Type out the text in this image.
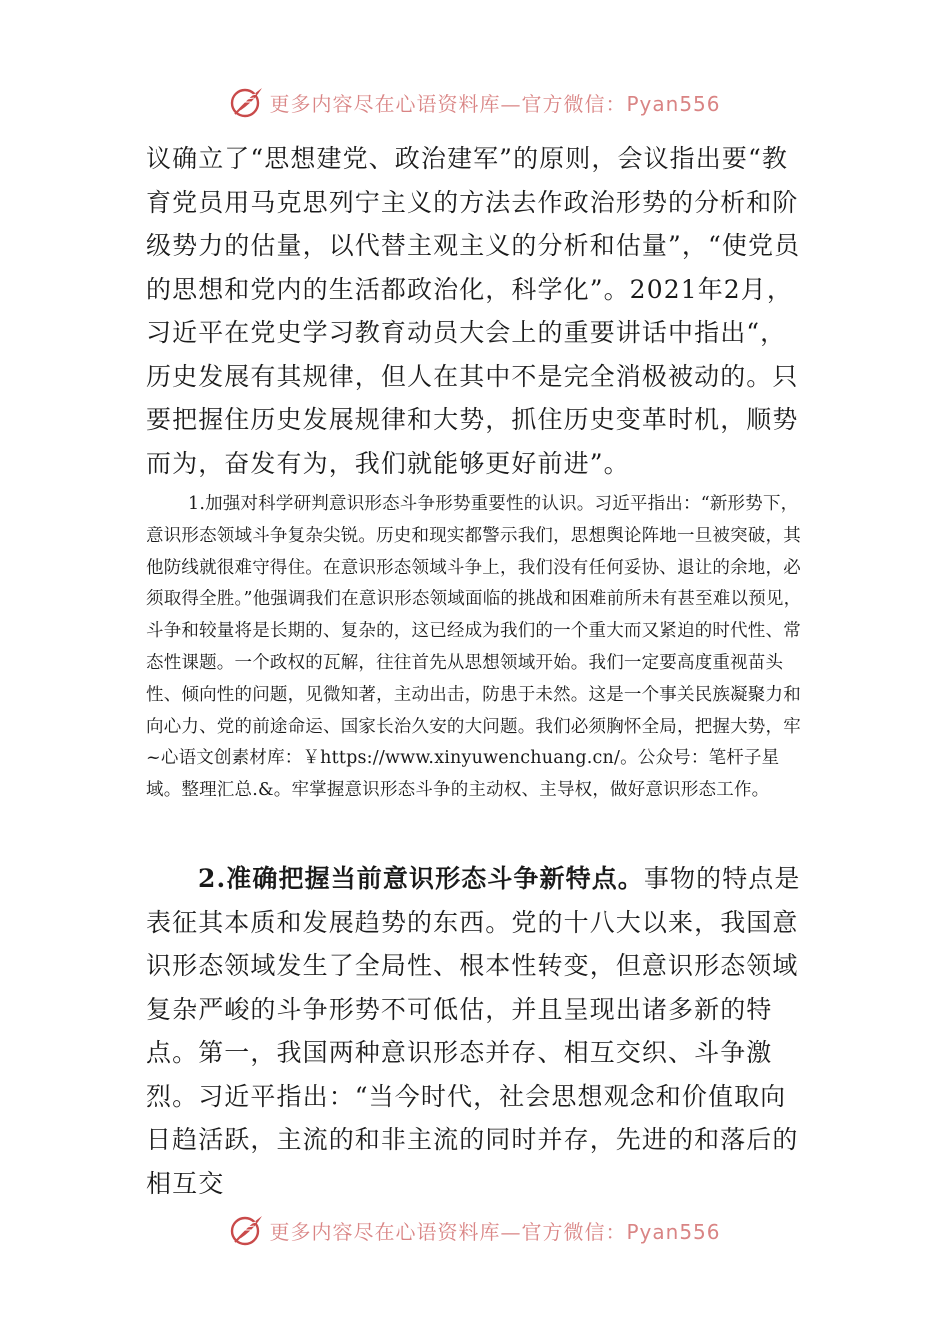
更多内容尽在心语资料库—官方微信：Pyan556

议确立了“思想建党、政治建军”的原则，会议指出要“教育党员用马克思列宁主义的方法去作政治形势的分析和阶级势力的估量，以代替主观主义的分析和估量”，“使党员的思想和党内的生活都政治化，科学化”。2021年2月，习近平在党史学习教育动员大会上的重要讲话中指出“，历史发展有其规律，但人在其中不是完全消极被动的。只要把握住历史发展规律和大势，抓住历史变革时机，顺势而为，奋发有为，我们就能够更好前进”。

1.加强对科学研判意识形态斗争形势重要性的认识。习近平指出：“新形势下，意识形态领域斗争复杂尖锐。历史和现实都警示我们，思想舆论阵地一旦被突破，其他防线就很难守得住。在意识形态领域斗争上，我们没有任何妥协、退让的余地，必须取得全胜。”他强调我们在意识形态领域面临的挑战和困难前所未有甚至难以预见，斗争和较量将是长期的、复杂的，这已经成为我们的一个重大而又紧迫的时代性、常态性课题。一个政权的瓦解，往往首先从思想领域开始。我们一定要高度重视苗头性、倾向性的问题，见微知著，主动出击，防患于未然。这是一个事关民族凝聚力和向心力、党的前途命运、国家长治久安的大问题。我们必须胸怀全局，把握大势，牢~心语文创素材库：￥https://www.xinyuwenchuang.cn/。公众号：笔杆子星域。整理汇总.&。牢掌握意识形态斗争的主动权、主导权，做好意识形态工作。

2.准确把握当前意识形态斗争新特点。事物的特点是表征其本质和发展趋势的东西。党的十八大以来，我国意识形态领域发生了全局性、根本性转变，但意识形态领域复杂严峻的斗争形势不可低估，并且呈现出诸多新的特点。第一，我国两种意识形态并存、相互交织、斗争激烈。习近平指出：“当今时代，社会思想观念和价值取向日趋活跃，主流的和非主流的同时并存，先进的和落后的相互交

更多内容尽在心语资料库—官方微信：Pyan556
